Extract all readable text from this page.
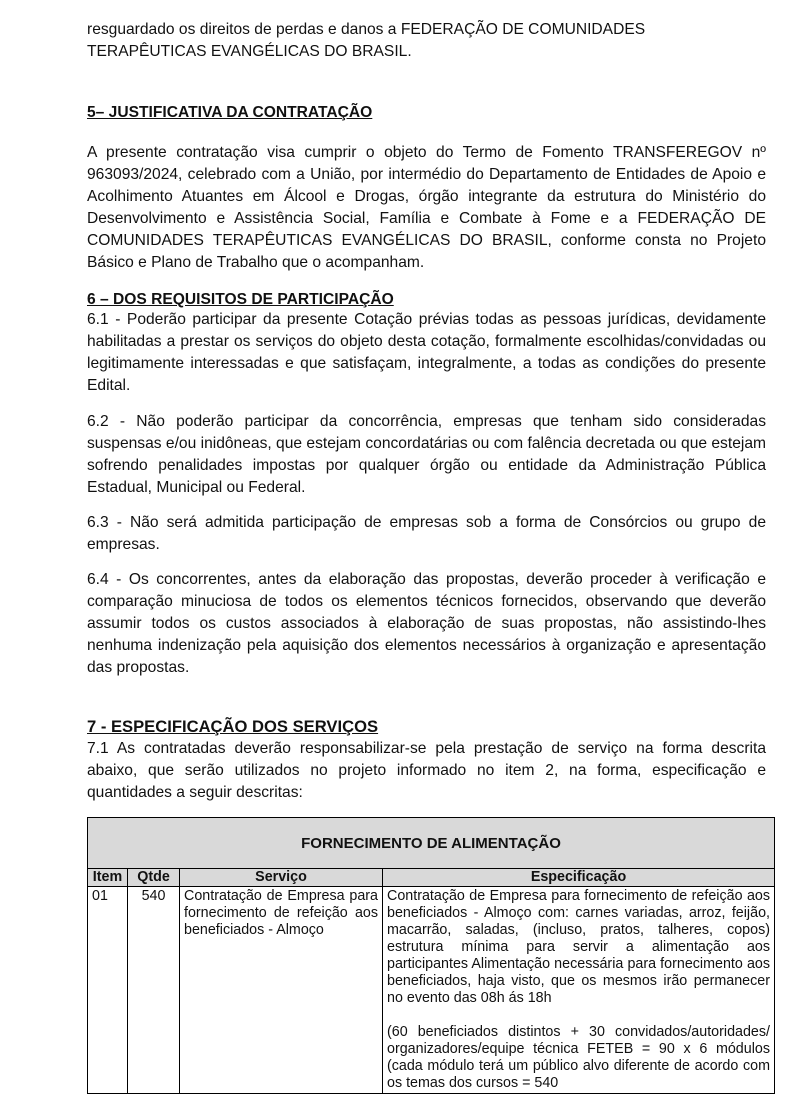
resguardado os direitos de perdas e danos a FEDERAÇÃO DE COMUNIDADES TERAPÊUTICAS EVANGÉLICAS DO BRASIL.
5– JUSTIFICATIVA DA CONTRATAÇÃO
A presente contratação visa cumprir o objeto do Termo de Fomento TRANSFEREGOV nº 963093/2024, celebrado com a União, por intermédio do Departamento de Entidades de Apoio e Acolhimento Atuantes em Álcool e Drogas, órgão integrante da estrutura do Ministério do Desenvolvimento e Assistência Social, Família e Combate à Fome e a FEDERAÇÃO DE COMUNIDADES TERAPÊUTICAS EVANGÉLICAS DO BRASIL, conforme consta no Projeto Básico e Plano de Trabalho que o acompanham.
6 – DOS REQUISITOS DE PARTICIPAÇÃO
6.1 - Poderão participar da presente Cotação prévias todas as pessoas jurídicas, devidamente habilitadas a prestar os serviços do objeto desta cotação, formalmente escolhidas/convidadas ou legitimamente interessadas e que satisfaçam, integralmente, a todas as condições do presente Edital.
6.2 - Não poderão participar da concorrência, empresas que tenham sido consideradas suspensas e/ou inidôneas, que estejam concordatárias ou com falência decretada ou que estejam sofrendo penalidades impostas por qualquer órgão ou entidade da Administração Pública Estadual, Municipal ou Federal.
6.3 - Não será admitida participação de empresas sob a forma de Consórcios ou grupo de empresas.
6.4 - Os concorrentes, antes da elaboração das propostas, deverão proceder à verificação e comparação minuciosa de todos os elementos técnicos fornecidos, observando que deverão assumir todos os custos associados à elaboração de suas propostas, não assistindo-lhes nenhuma indenização pela aquisição dos elementos necessários à organização e apresentação das propostas.
7 - ESPECIFICAÇÃO DOS SERVIÇOS
7.1 As contratadas deverão responsabilizar-se pela prestação de serviço na forma descrita abaixo, que serão utilizados no projeto informado no item 2, na forma, especificação e quantidades a seguir descritas:
FORNECIMENTO DE ALIMENTAÇÃO			
Item	Qtde	Serviço	Especificação
01	540	Contratação de Empresa para fornecimento de refeição aos beneficiados - Almoço	Contratação de Empresa para fornecimento de refeição aos beneficiados - Almoço com: carnes variadas, arroz, feijão, macarrão, saladas, (incluso, pratos, talheres, copos) estrutura mínima para servir a alimentação aos participantes Alimentação necessária para fornecimento aos beneficiados, haja visto, que os mesmos irão permanecer no evento das 08h ás 18h
(60 beneficiados distintos + 30 convidados/autoridades/ organizadores/equipe técnica FETEB = 90 x 6 módulos (cada módulo terá um público alvo diferente de acordo com os temas dos cursos = 540
